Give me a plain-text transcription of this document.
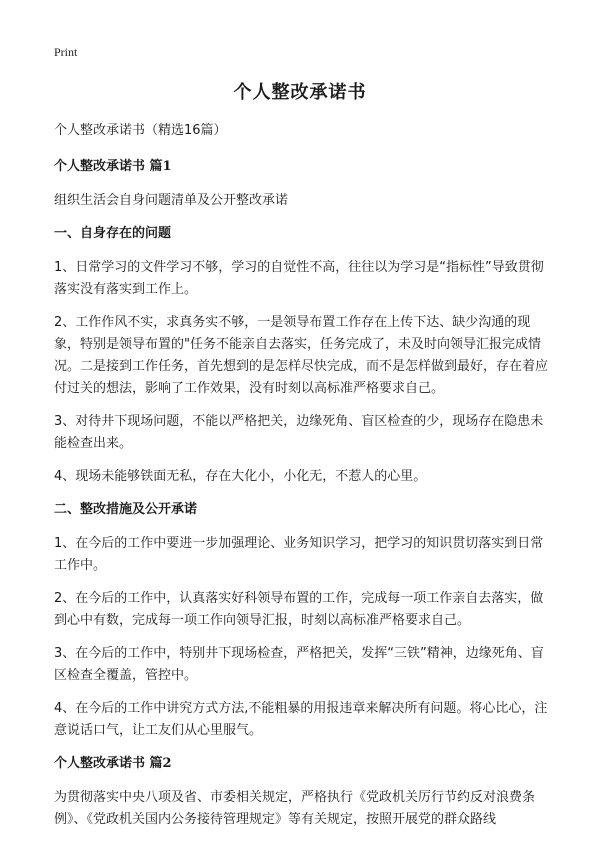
Print
个人整改承诺书

个人整改承诺书（精选16篇）

个人整改承诺书 篇1

组织生活会自身问题清单及公开整改承诺

一、自身存在的问题

1、日常学习的文件学习不够，学习的自觉性不高，往往以为学习是“指标性”导致贯彻落实没有落实到工作上。

2、工作作风不实，求真务实不够，一是领导布置工作存在上传下达、缺少沟通的现象，特别是领导布置的"任务不能亲自去落实，任务完成了，未及时向领导汇报完成情况。二是接到工作任务，首先想到的是怎样尽快完成，而不是怎样做到最好，存在着应付过关的想法，影响了工作效果，没有时刻以高标准严格要求自己。

3、对待井下现场问题，不能以严格把关，边缘死角、盲区检查的少，现场存在隐患未能检查出来。

4、现场未能够铁面无私，存在大化小，小化无，不惹人的心里。

二、整改措施及公开承诺

1、在今后的工作中要进一步加强理论、业务知识学习，把学习的知识贯切落实到日常工作中。

2、在今后的工作中，认真落实好科领导布置的工作，完成每一项工作亲自去落实，做到心中有数，完成每一项工作向领导汇报，时刻以高标准严格要求自己。

3、在今后的工作中，特别井下现场检查，严格把关，发挥“三铁”精神，边缘死角、盲区检查全覆盖，管控中。

4、在今后的工作中讲究方式方法,不能粗暴的用报违章来解决所有问题。将心比心，注意说话口气，让工友们从心里服气。

个人整改承诺书 篇2

为贯彻落实中央八项及省、市委相关规定，严格执行《党政机关厉行节约反对浪费条例》、《党政机关国内公务接待管理规定》等有关规定，按照开展党的群众路线
